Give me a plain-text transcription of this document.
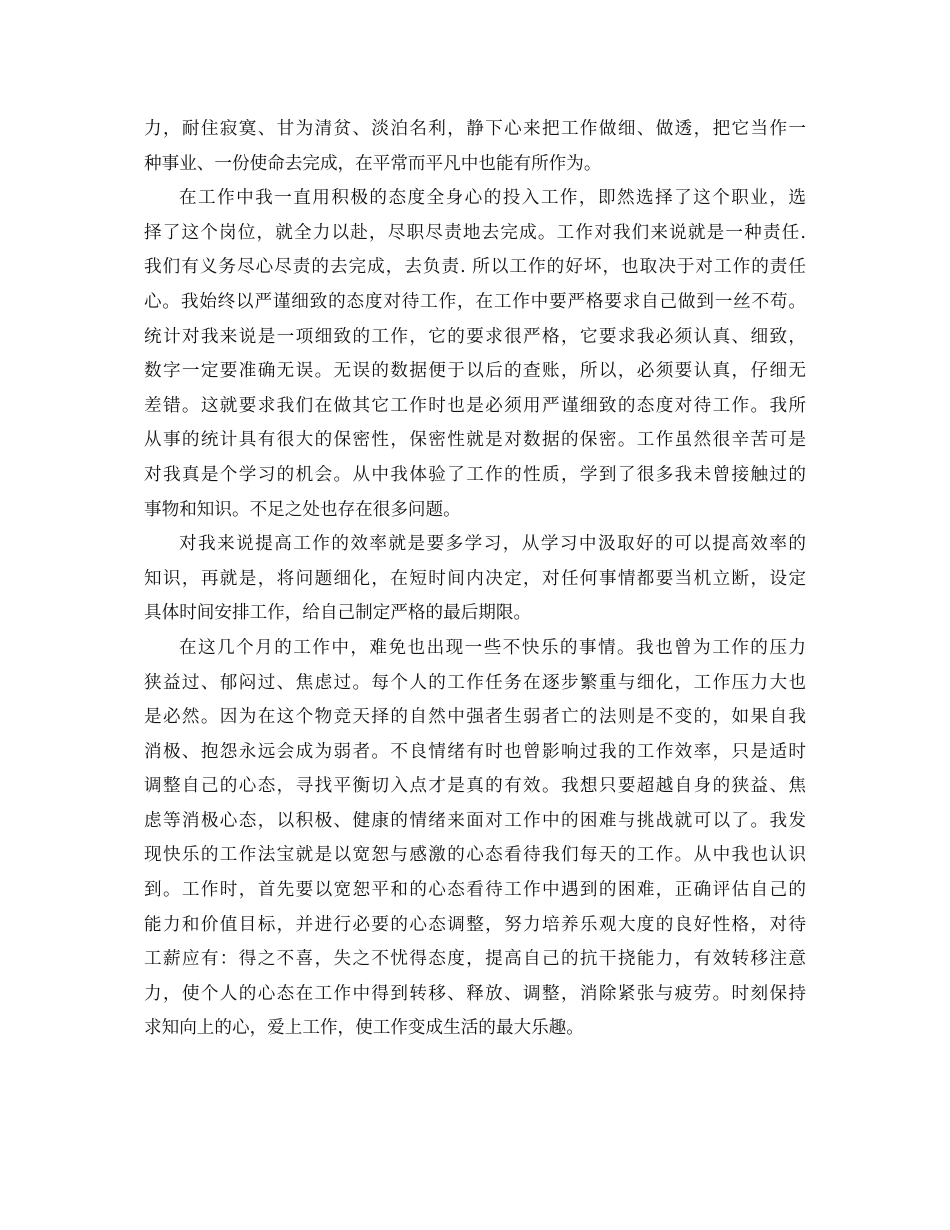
力，耐住寂寞、甘为清贫、淡泊名利，静下心来把工作做细、做透，把它当作一
种事业、一份使命去完成，在平常而平凡中也能有所作为。
在工作中我一直用积极的态度全身心的投入工作，即然选择了这个职业，选
择了这个岗位，就全力以赴，尽职尽责地去完成。工作对我们来说就是一种责任.
我们有义务尽心尽责的去完成，去负责. 所以工作的好坏，也取决于对工作的责任
心。我始终以严谨细致的态度对待工作，在工作中要严格要求自己做到一丝不苟。
统计对我来说是一项细致的工作，它的要求很严格，它要求我必须认真、细致，
数字一定要准确无误。无误的数据便于以后的查账，所以，必须要认真，仔细无
差错。这就要求我们在做其它工作时也是必须用严谨细致的态度对待工作。我所
从事的统计具有很大的保密性，保密性就是对数据的保密。工作虽然很辛苦可是
对我真是个学习的机会。从中我体验了工作的性质，学到了很多我未曾接触过的
事物和知识。不足之处也存在很多问题。
对我来说提高工作的效率就是要多学习，从学习中汲取好的可以提高效率的
知识，再就是，将问题细化，在短时间内决定，对任何事情都要当机立断，设定
具体时间安排工作，给自己制定严格的最后期限。
在这几个月的工作中，难免也出现一些不快乐的事情。我也曾为工作的压力
狭益过、郁闷过、焦虑过。每个人的工作任务在逐步繁重与细化，工作压力大也
是必然。因为在这个物竞天择的自然中强者生弱者亡的法则是不变的，如果自我
消极、抱怨永远会成为弱者。不良情绪有时也曾影响过我的工作效率，只是适时
调整自己的心态，寻找平衡切入点才是真的有效。我想只要超越自身的狭益、焦
虑等消极心态，以积极、健康的情绪来面对工作中的困难与挑战就可以了。我发
现快乐的工作法宝就是以宽恕与感激的心态看待我们每天的工作。从中我也认识
到。工作时，首先要以宽恕平和的心态看待工作中遇到的困难，正确评估自己的
能力和价值目标，并进行必要的心态调整，努力培养乐观大度的良好性格，对待
工薪应有：得之不喜，失之不忧得态度，提高自己的抗干挠能力，有效转移注意
力，使个人的心态在工作中得到转移、释放、调整，消除紧张与疲劳。时刻保持
求知向上的心，爱上工作，使工作变成生活的最大乐趣。
